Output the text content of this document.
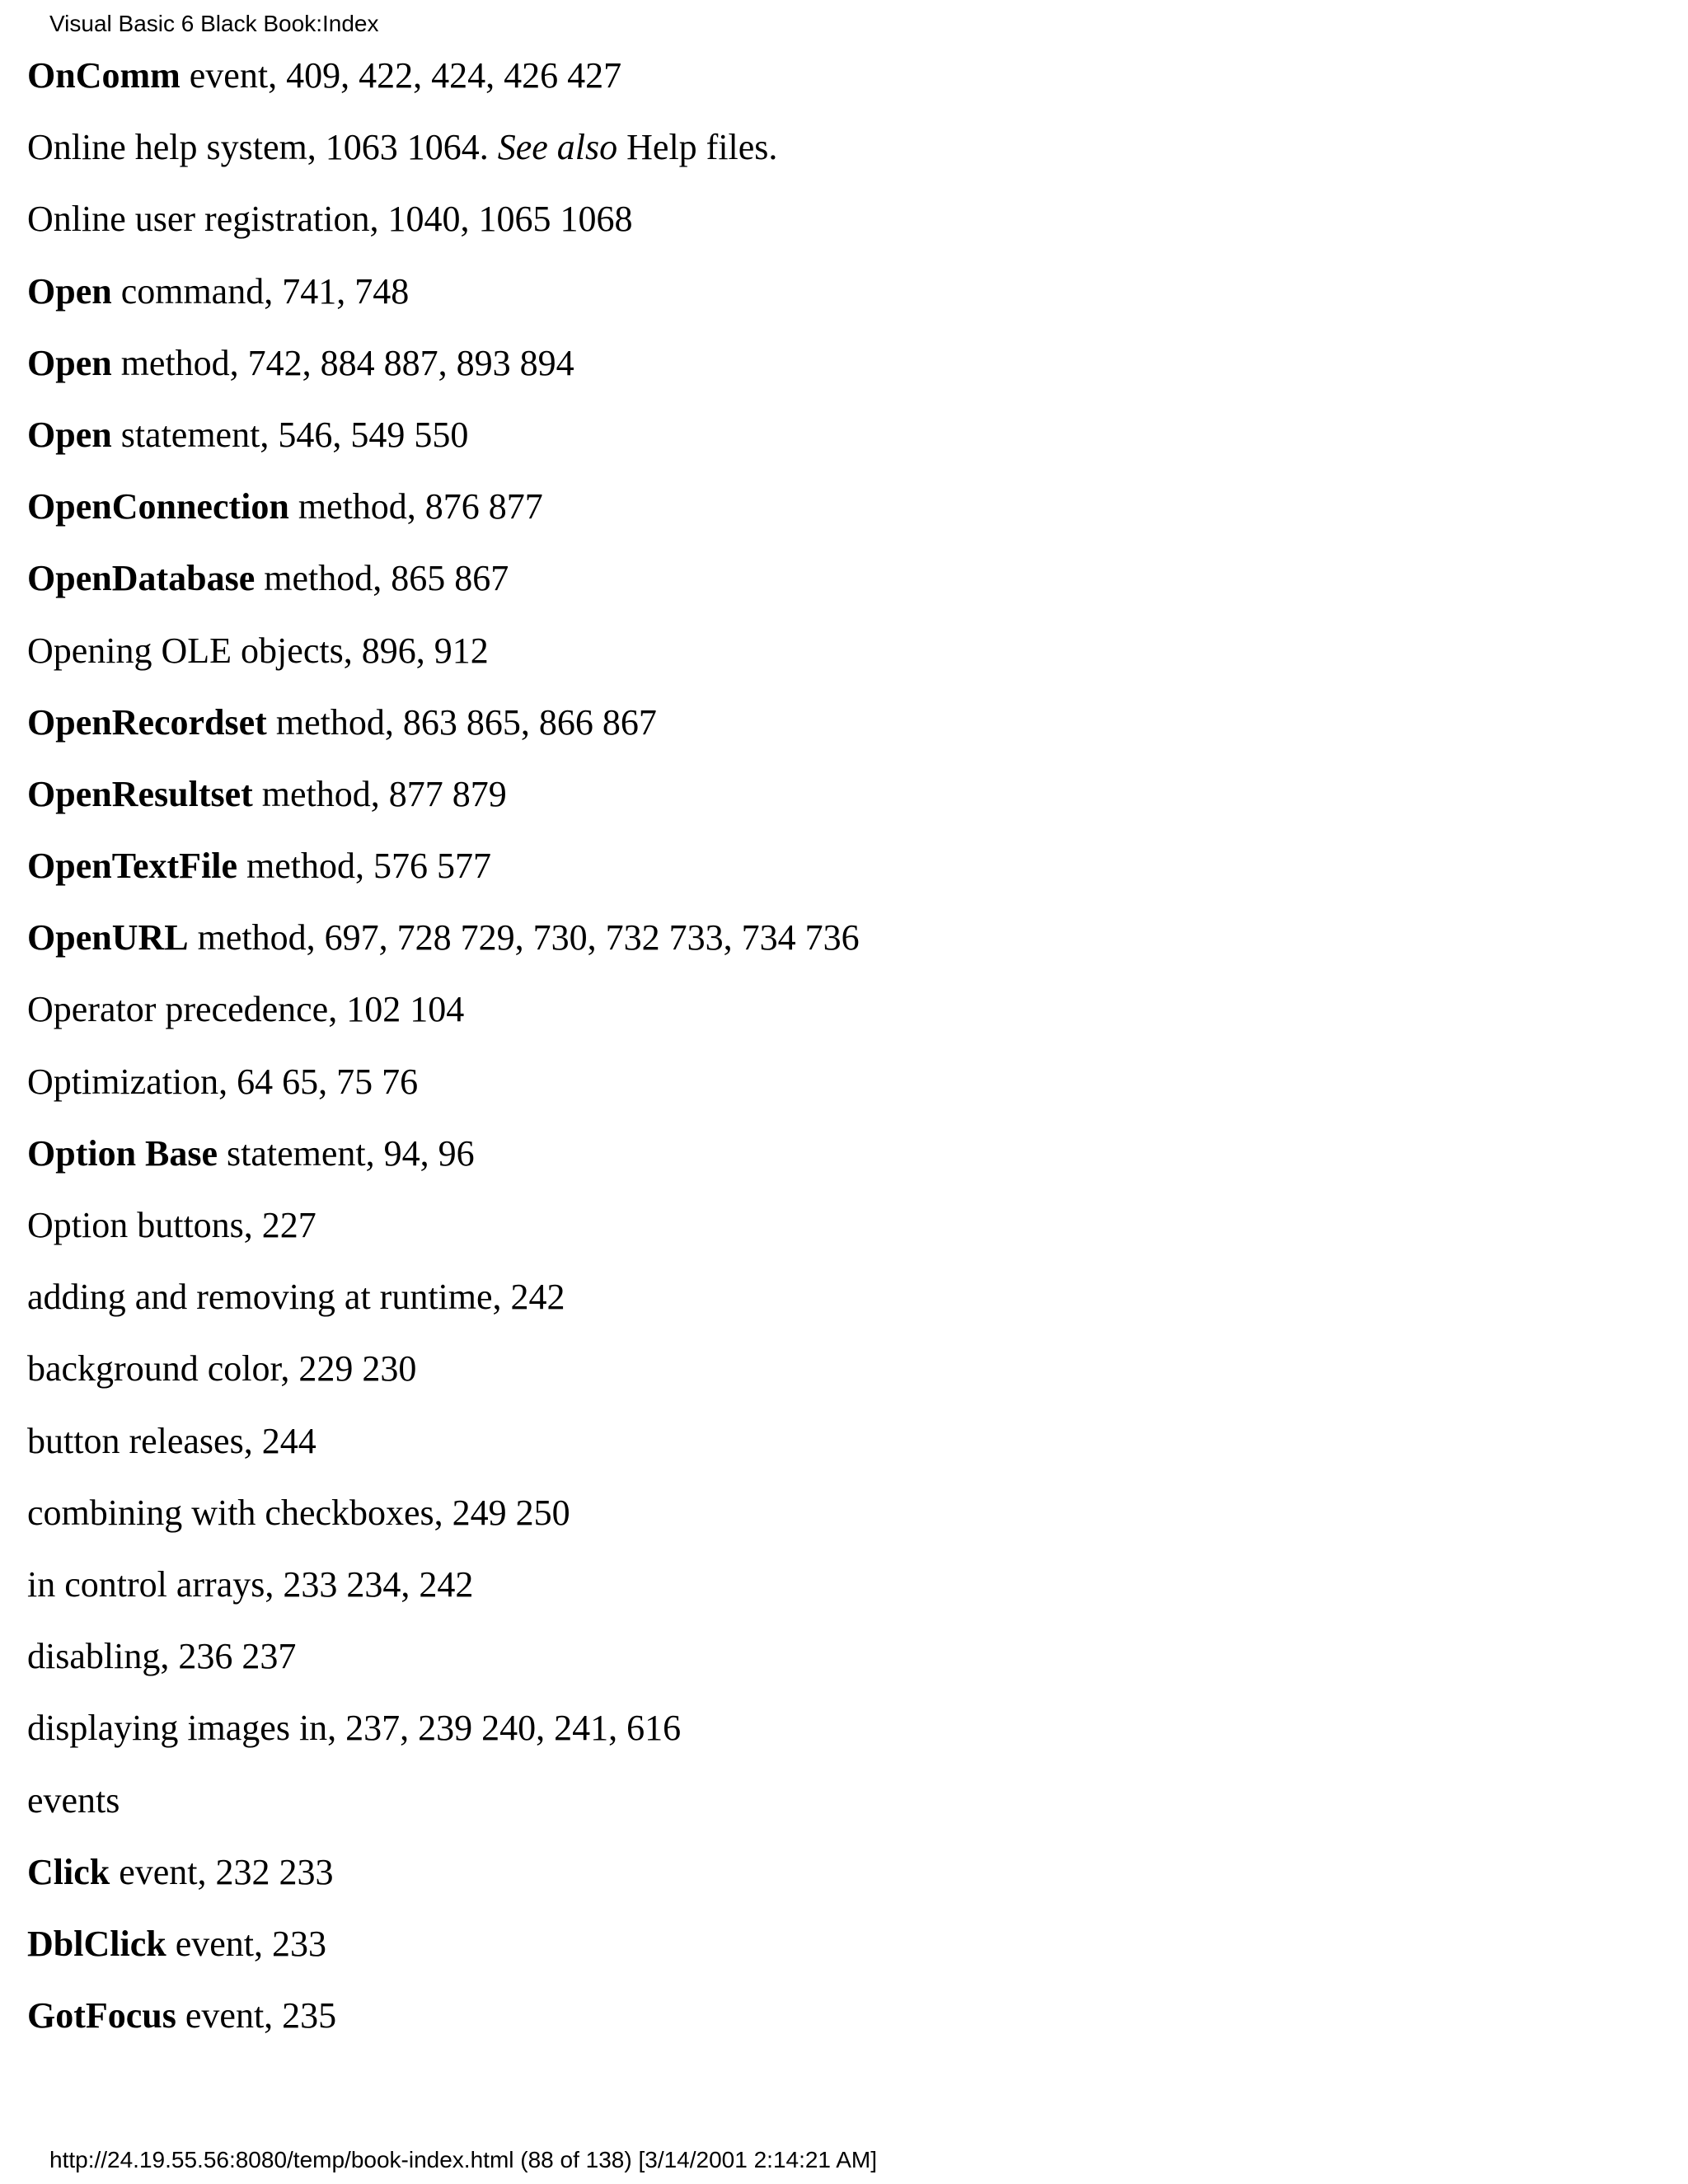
Visual Basic 6 Black Book:Index
OnComm event, 409, 422, 424, 426 427
Online help system, 1063 1064. See also Help files.
Online user registration, 1040, 1065 1068
Open command, 741, 748
Open method, 742, 884 887, 893 894
Open statement, 546, 549 550
OpenConnection method, 876 877
OpenDatabase method, 865 867
Opening OLE objects, 896, 912
OpenRecordset method, 863 865, 866 867
OpenResultset method, 877 879
OpenTextFile method, 576 577
OpenURL method, 697, 728 729, 730, 732 733, 734 736
Operator precedence, 102 104
Optimization, 64 65, 75 76
Option Base statement, 94, 96
Option buttons, 227
adding and removing at runtime, 242
background color, 229 230
button releases, 244
combining with checkboxes, 249 250
in control arrays, 233 234, 242
disabling, 236 237
displaying images in, 237, 239 240, 241, 616
events
Click event, 232 233
DblClick event, 233
GotFocus event, 235
http://24.19.55.56:8080/temp/book-index.html (88 of 138) [3/14/2001 2:14:21 AM]
